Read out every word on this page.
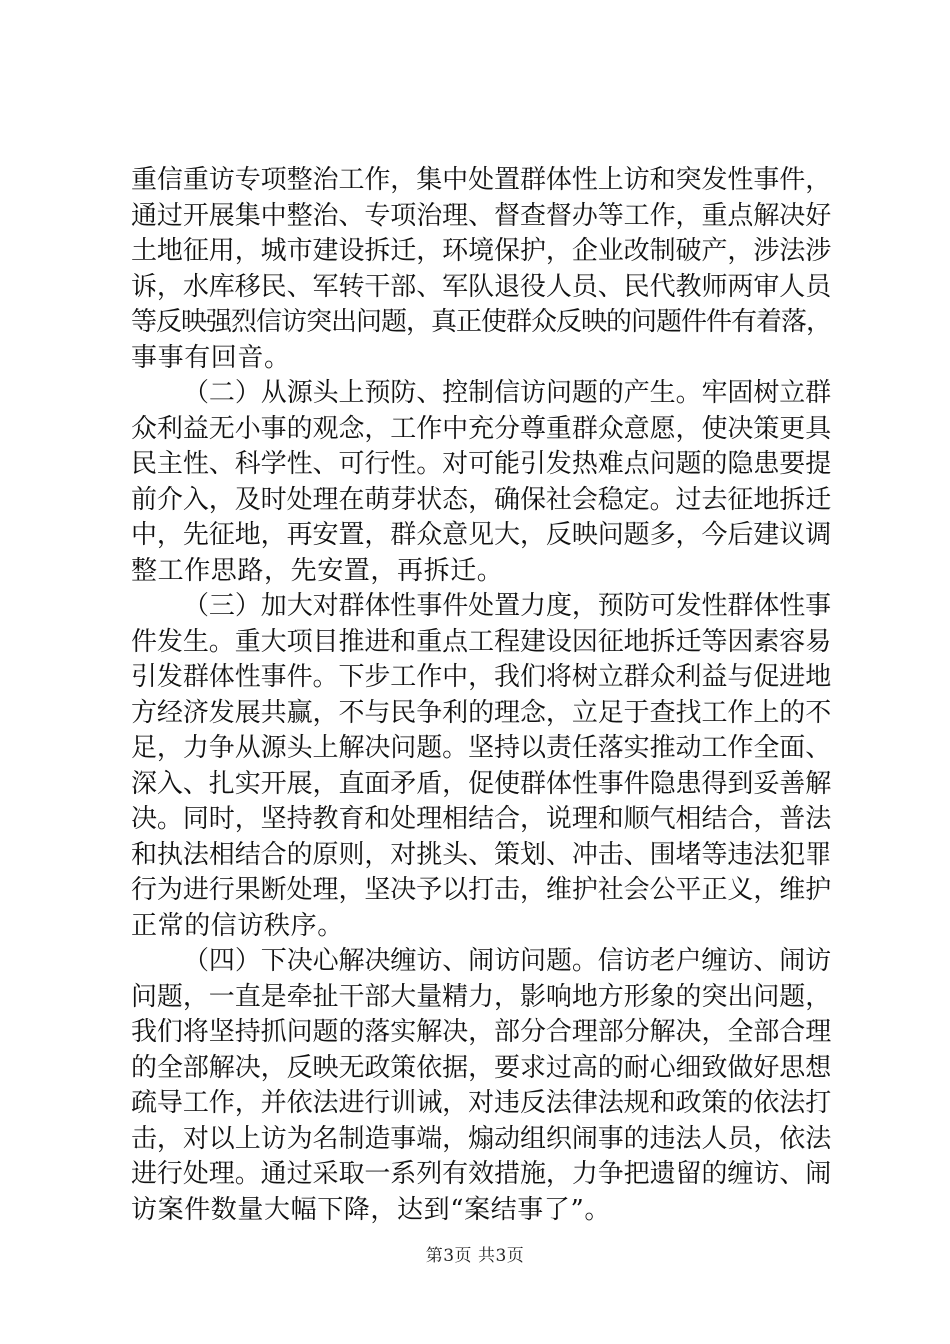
重信重访专项整治工作，集中处置群体性上访和突发性事件，
通过开展集中整治、专项治理、督查督办等工作，重点解决好
土地征用，城市建设拆迁，环境保护，企业改制破产，涉法涉
诉，水库移民、军转干部、军队退役人员、民代教师两审人员
等反映强烈信访突出问题，真正使群众反映的问题件件有着落，
事事有回音。
（二）从源头上预防、控制信访问题的产生。牢固树立群
众利益无小事的观念，工作中充分尊重群众意愿，使决策更具
民主性、科学性、可行性。对可能引发热难点问题的隐患要提
前介入，及时处理在萌芽状态，确保社会稳定。过去征地拆迁
中，先征地，再安置，群众意见大，反映问题多，今后建议调
整工作思路，先安置，再拆迁。
（三）加大对群体性事件处置力度，预防可发性群体性事
件发生。重大项目推进和重点工程建设因征地拆迁等因素容易
引发群体性事件。下步工作中，我们将树立群众利益与促进地
方经济发展共赢，不与民争利的理念，立足于查找工作上的不
足，力争从源头上解决问题。坚持以责任落实推动工作全面、
深入、扎实开展，直面矛盾，促使群体性事件隐患得到妥善解
决。同时，坚持教育和处理相结合，说理和顺气相结合，普法
和执法相结合的原则，对挑头、策划、冲击、围堵等违法犯罪
行为进行果断处理，坚决予以打击，维护社会公平正义，维护
正常的信访秩序。
（四）下决心解决缠访、闹访问题。信访老户缠访、闹访
问题，一直是牵扯干部大量精力，影响地方形象的突出问题，
我们将坚持抓问题的落实解决，部分合理部分解决，全部合理
的全部解决，反映无政策依据，要求过高的耐心细致做好思想
疏导工作，并依法进行训诫，对违反法律法规和政策的依法打
击，对以上访为名制造事端，煽动组织闹事的违法人员，依法
进行处理。通过采取一系列有效措施，力争把遗留的缠访、闹
访案件数量大幅下降，达到“案结事了”。
第3页 共3页
